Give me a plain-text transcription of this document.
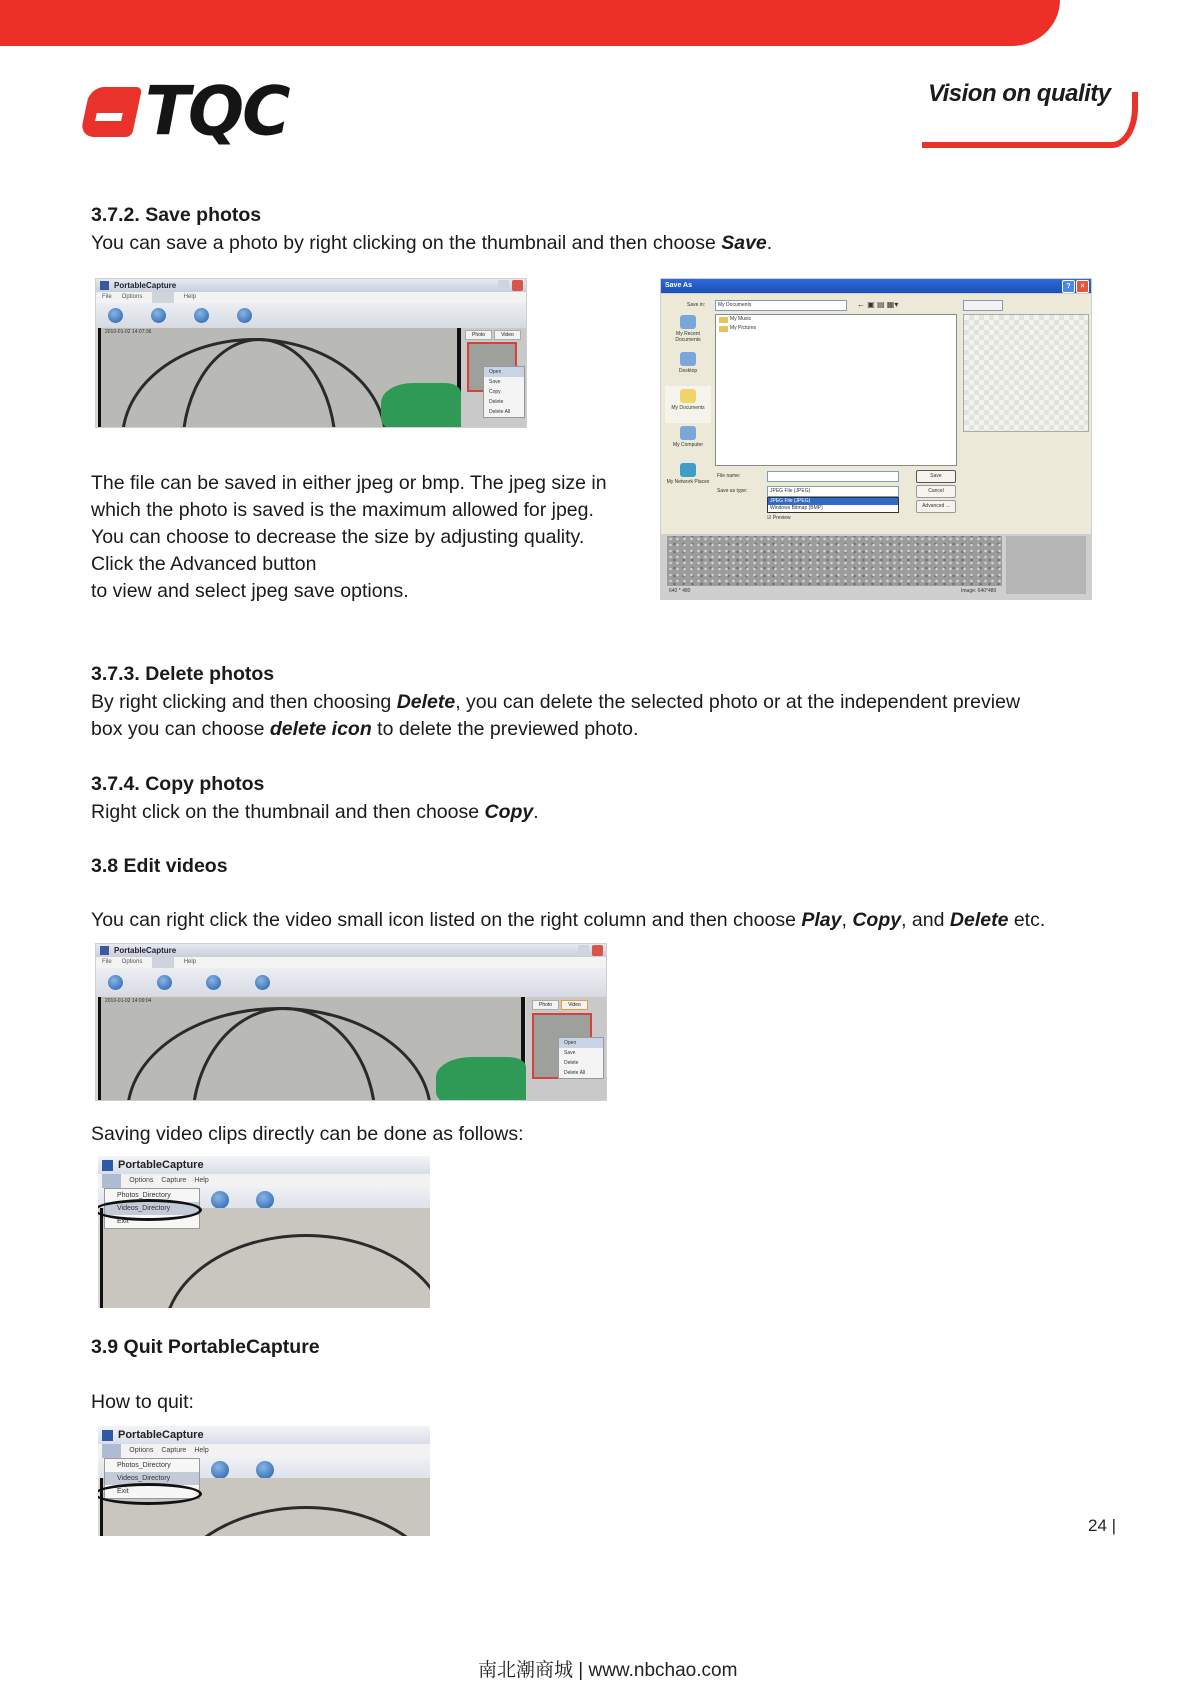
TQC	Vision on quality
3.7.2. Save photos
You can save a photo by right clicking on the thumbnail and then choose Save.
PortableCapture
File Options Capture Help
2010-01-02 14:07:36	Photo	Video
Open
Save
Copy
Delete
Delete All
The file can be saved in either jpeg or bmp. The jpeg size in
which the photo is saved is the maximum allowed for jpeg.
You can choose to decrease the size by adjusting quality.
Click the Advanced button
to view and select jpeg save options.
Save As	?	×
Save in:	My Documents	← ▣ ▤ ▦▾
My Recent Documents
Desktop
My Documents
My Computer
My Network Places
My Music
My Pictures
File name:
Save as type:	JPEG File (JPEG)
JPEG File (JPEG)
Windows Bitmap (BMP)
☑ Preview
Save
Cancel
Advanced ...
640 * 480	Image: 640*480
3.7.3. Delete photos
By right clicking and then choosing Delete, you can delete the selected photo or at the independent preview
box you can choose delete icon to delete the previewed photo.
3.7.4. Copy photos
Right click on the thumbnail and then choose Copy.
3.8 Edit videos
You can right click the video small icon listed on the right column and then choose Play, Copy, and Delete etc.
PortableCapture
File Options Capture Help
2010-01-02 14:09:04
Photo	Video
Open
Save
Delete
Delete All
Saving video clips directly can be done as follows:
PortableCapture
File	Options Capture Help
Photos_Directory
Videos_Directory
Exit
3.9 Quit PortableCapture
How to quit:
PortableCapture
File	Options Capture Help
Photos_Directory
Videos_Directory
Exit
24 |
南北潮商城 | www.nbchao.com
